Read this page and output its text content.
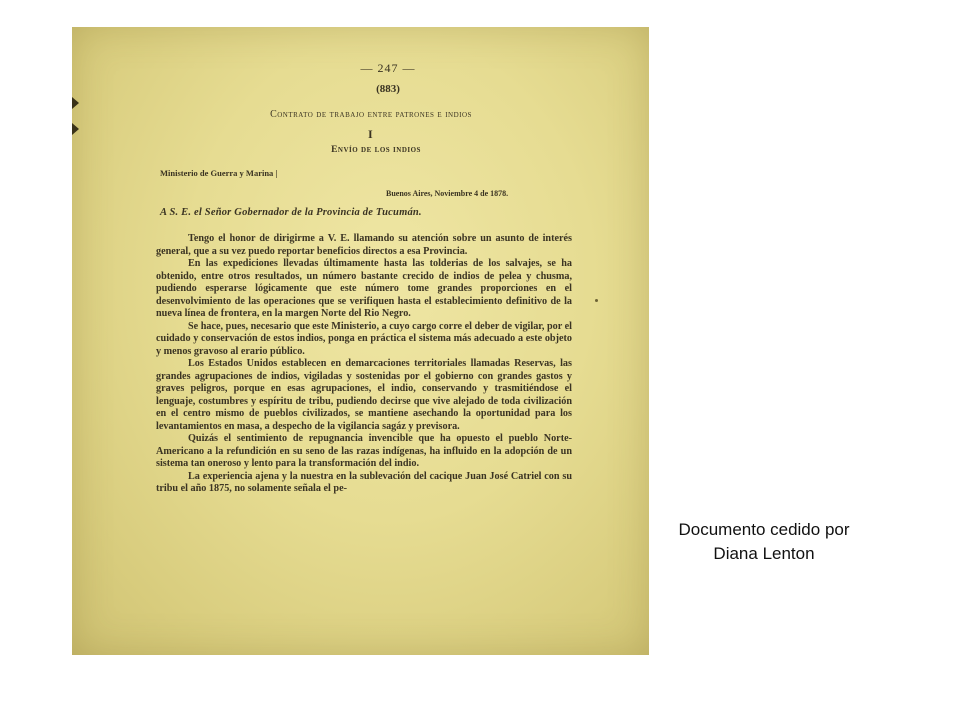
— 247 —
(883)
Contrato de trabajo entre patrones e indios
I
Envío de los indios
Ministerio de Guerra y Marina |
Buenos Aires, Noviembre 4 de 1878.
A S. E. el Señor Gobernador de la Provincia de Tucumán.

Tengo el honor de dirigirme a V. E. llamando su atención sobre un asunto de interés general, que a su vez puedo reportar beneficios directos a esa Provincia.

En las expediciones llevadas últimamente hasta las tolderias de los salvajes, se ha obtenido, entre otros resultados, un número bastante crecido de indios de pelea y chusma, pudiendo esperarse lógicamente que este número tome grandes proporciones en el desenvolvimiento de las operaciones que se verifiquen hasta el establecimiento definitivo de la nueva línea de frontera, en la margen Norte del Rio Negro.

Se hace, pues, necesario que este Ministerio, a cuyo cargo corre el deber de vigilar, por el cuidado y conservación de estos indios, ponga en práctica el sistema más adecuado a este objeto y menos gravoso al erario público.

Los Estados Unidos establecen en demarcaciones territoriales llamadas Reservas, las grandes agrupaciones de indios, vigiladas y sostenidas por el gobierno con grandes gastos y graves peligros, porque en esas agrupaciones, el indio, conservando y trasmitiéndose el lenguaje, costumbres y espíritu de tribu, pudiendo decirse que vive alejado de toda civilización en el centro mismo de pueblos civilizados, se mantiene asechando la oportunidad para los levantamientos en masa, a despecho de la vigilancia sagáz y previsora.

Quizás el sentimiento de repugnancia invencible que ha opuesto el pueblo Norte-Americano a la refundición en su seno de las razas indígenas, ha influido en la adopción de un sistema tan oneroso y lento para la transformación del indio.

La experiencia ajena y la nuestra en la sublevación del cacique Juan José Catriel con su tribu el año 1875, no solamente señala el pe-

Documento cedido por
Diana Lenton
